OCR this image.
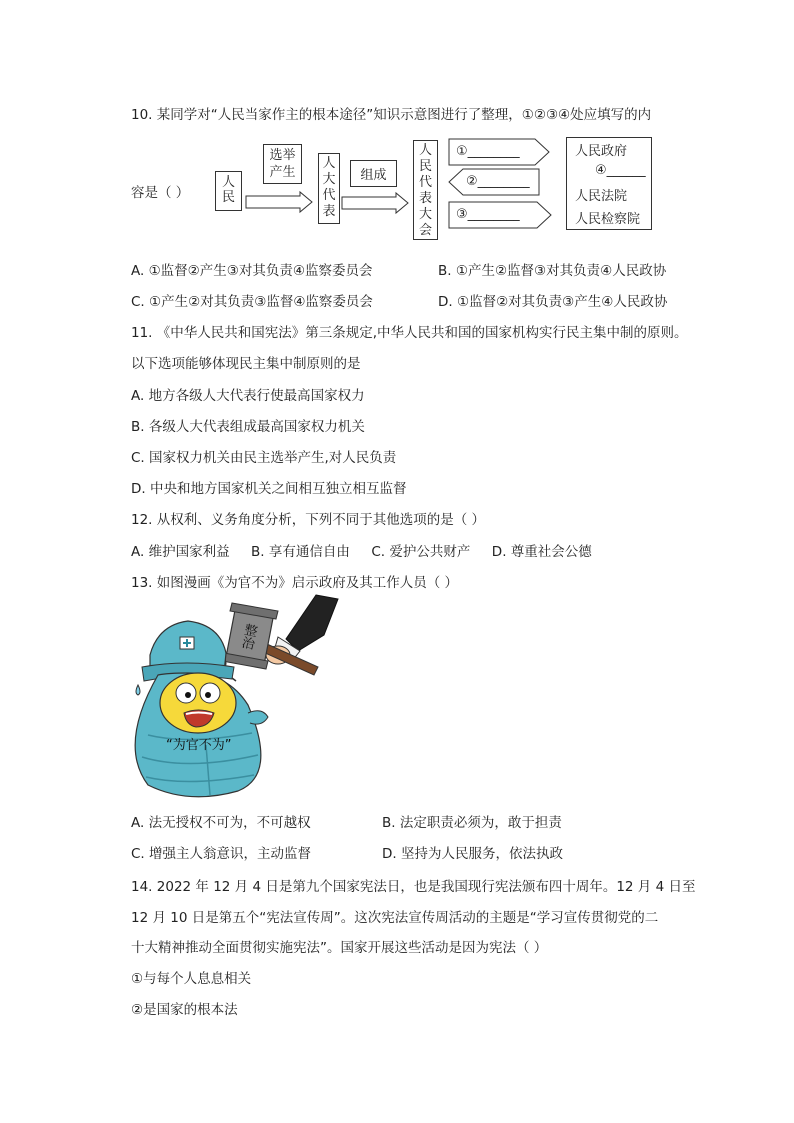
10. 某同学对“人民当家作主的根本途径”知识示意图进行了整理，①②③④处应填写的内
容是（ ）
人民
选举
产生
人大代表
组成
人民代表大会
①________
②________
③________
人民政府
④______
人民法院
人民检察院
A. ①监督②产生③对其负责④监察委员会	B. ①产生②监督③对其负责④人民政协
C. ①产生②对其负责③监督④监察委员会	D. ①监督②对其负责③产生④人民政协
11. 《中华人民共和国宪法》第三条规定,中华人民共和国的国家机构实行民主集中制的原则。
以下选项能够体现民主集中制原则的是
A. 地方各级人大代表行使最高国家权力
B. 各级人大代表组成最高国家权力机关
C. 国家权力机关由民主选举产生,对人民负责
D. 中央和地方国家机关之间相互独立相互监督
12. 从权利、义务角度分析，下列不同于其他选项的是（ ）
A. 维护国家利益     B. 享有通信自由     C. 爱护公共财产     D. 尊重社会公德
13. 如图漫画《为官不为》启示政府及其工作人员（ ）
整治
“为官不为”
A. 法无授权不可为，不可越权	B. 法定职责必须为，敢于担责
C. 增强主人翁意识，主动监督	D. 坚持为人民服务，依法执政
14. 2022 年 12 月 4 日是第九个国家宪法日，也是我国现行宪法颁布四十周年。12 月 4 日至
12 月 10 日是第五个“宪法宣传周”。这次宪法宣传周活动的主题是“学习宣传贯彻党的二
十大精神推动全面贯彻实施宪法”。国家开展这些活动是因为宪法（ ）
①与每个人息息相关
②是国家的根本法
